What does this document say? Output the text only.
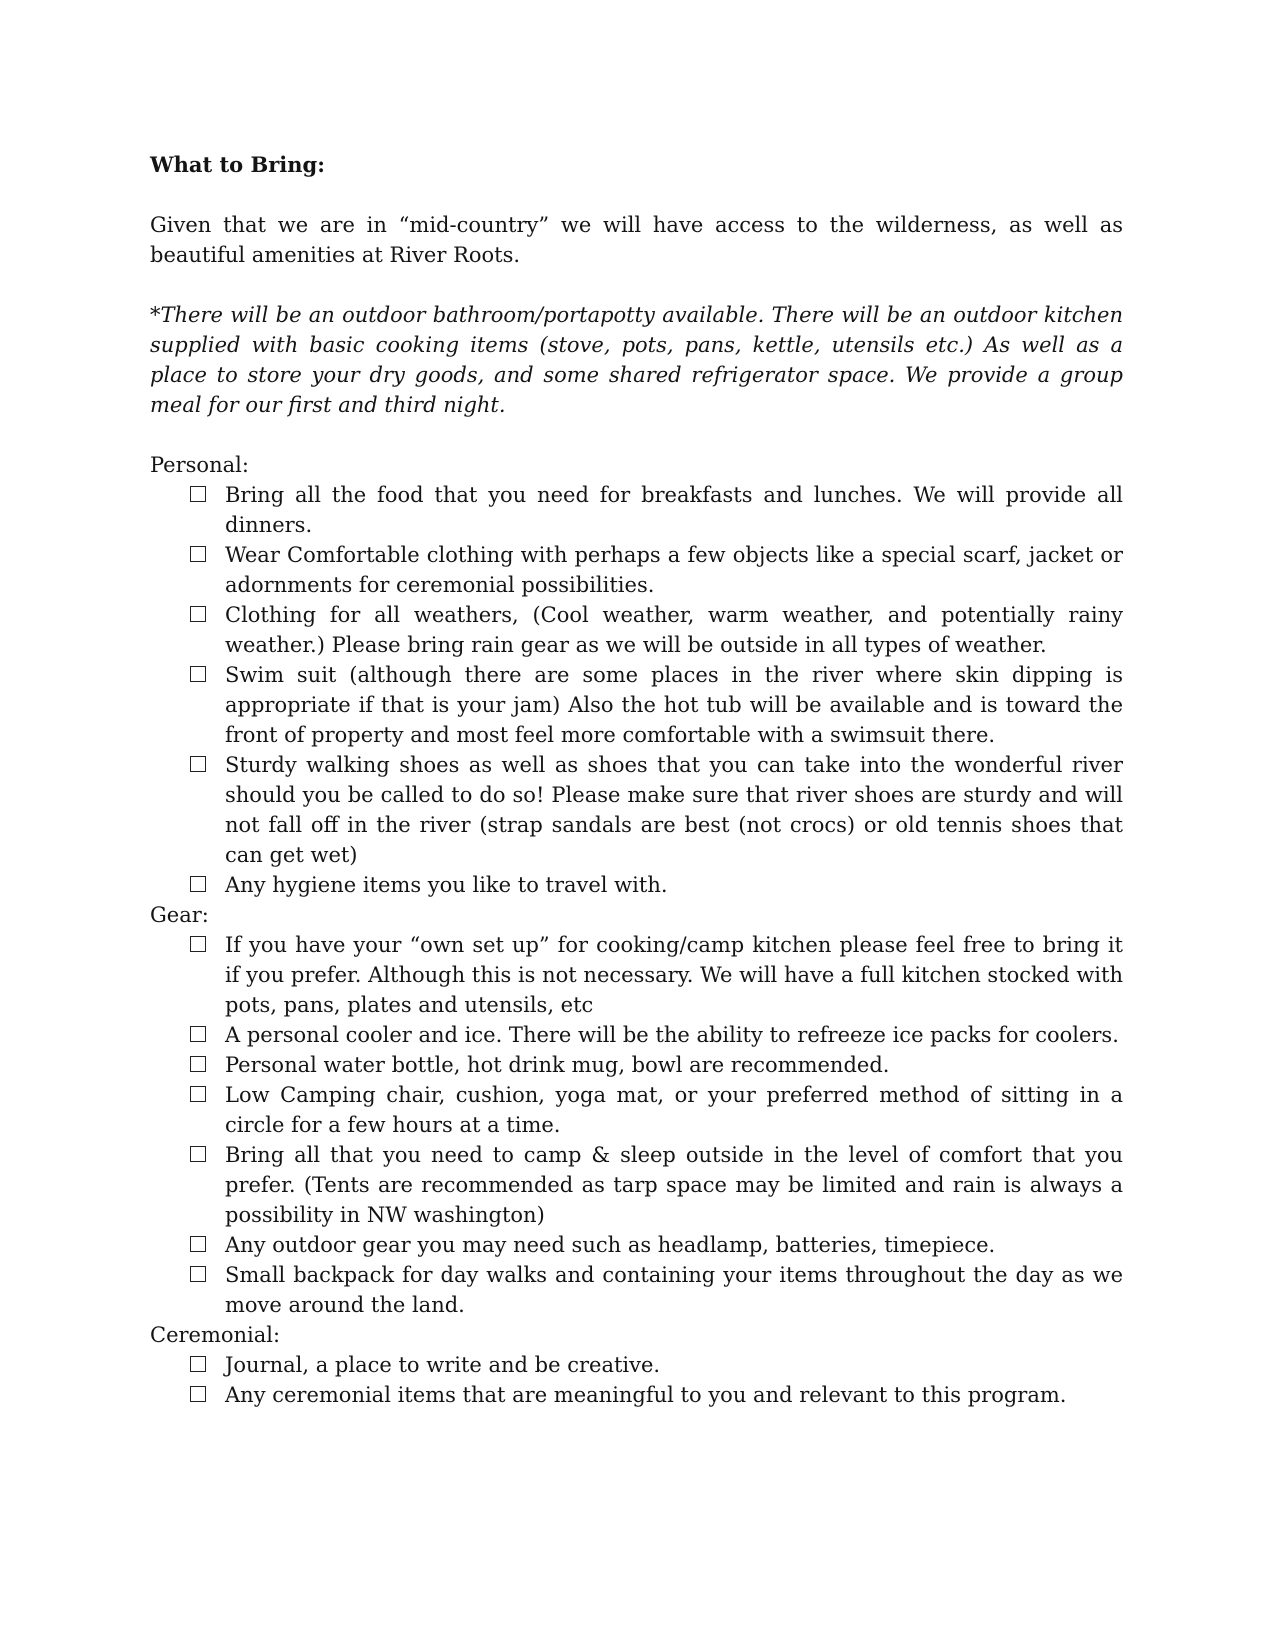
What to Bring:

Given that we are in “mid-country” we will have access to the wilderness, as well as beautiful amenities at River Roots.

*There will be an outdoor bathroom/portapotty available. There will be an outdoor kitchen supplied with basic cooking items (stove, pots, pans, kettle, utensils etc.) As well as a place to store your dry goods, and some shared refrigerator space. We provide a group meal for our first and third night.

Personal:

Bring all the food that you need for breakfasts and lunches. We will provide all dinners.
Wear Comfortable clothing with perhaps a few objects like a special scarf, jacket or adornments for ceremonial possibilities.
Clothing for all weathers, (Cool weather, warm weather, and potentially rainy weather.) Please bring rain gear as we will be outside in all types of weather.
Swim suit (although there are some places in the river where skin dipping is appropriate if that is your jam) Also the hot tub will be available and is toward the front of property and most feel more comfortable with a swimsuit there.
Sturdy walking shoes as well as shoes that you can take into the wonderful river should you be called to do so! Please make sure that river shoes are sturdy and will not fall off in the river (strap sandals are best (not crocs) or old tennis shoes that can get wet)
Any hygiene items you like to travel with.

Gear:

If you have your “own set up” for cooking/camp kitchen please feel free to bring it if you prefer. Although this is not necessary. We will have a full kitchen stocked with pots, pans, plates and utensils, etc
A personal cooler and ice. There will be the ability to refreeze ice packs for coolers.
Personal water bottle, hot drink mug, bowl are recommended.
Low Camping chair, cushion, yoga mat, or your preferred method of sitting in a circle for a few hours at a time.
Bring all that you need to camp & sleep outside in the level of comfort that you prefer. (Tents are recommended as tarp space may be limited and rain is always a possibility in NW washington)
Any outdoor gear you may need such as headlamp, batteries, timepiece.
Small backpack for day walks and containing your items throughout the day as we move around the land.

Ceremonial:

Journal, a place to write and be creative.
Any ceremonial items that are meaningful to you and relevant to this program.
